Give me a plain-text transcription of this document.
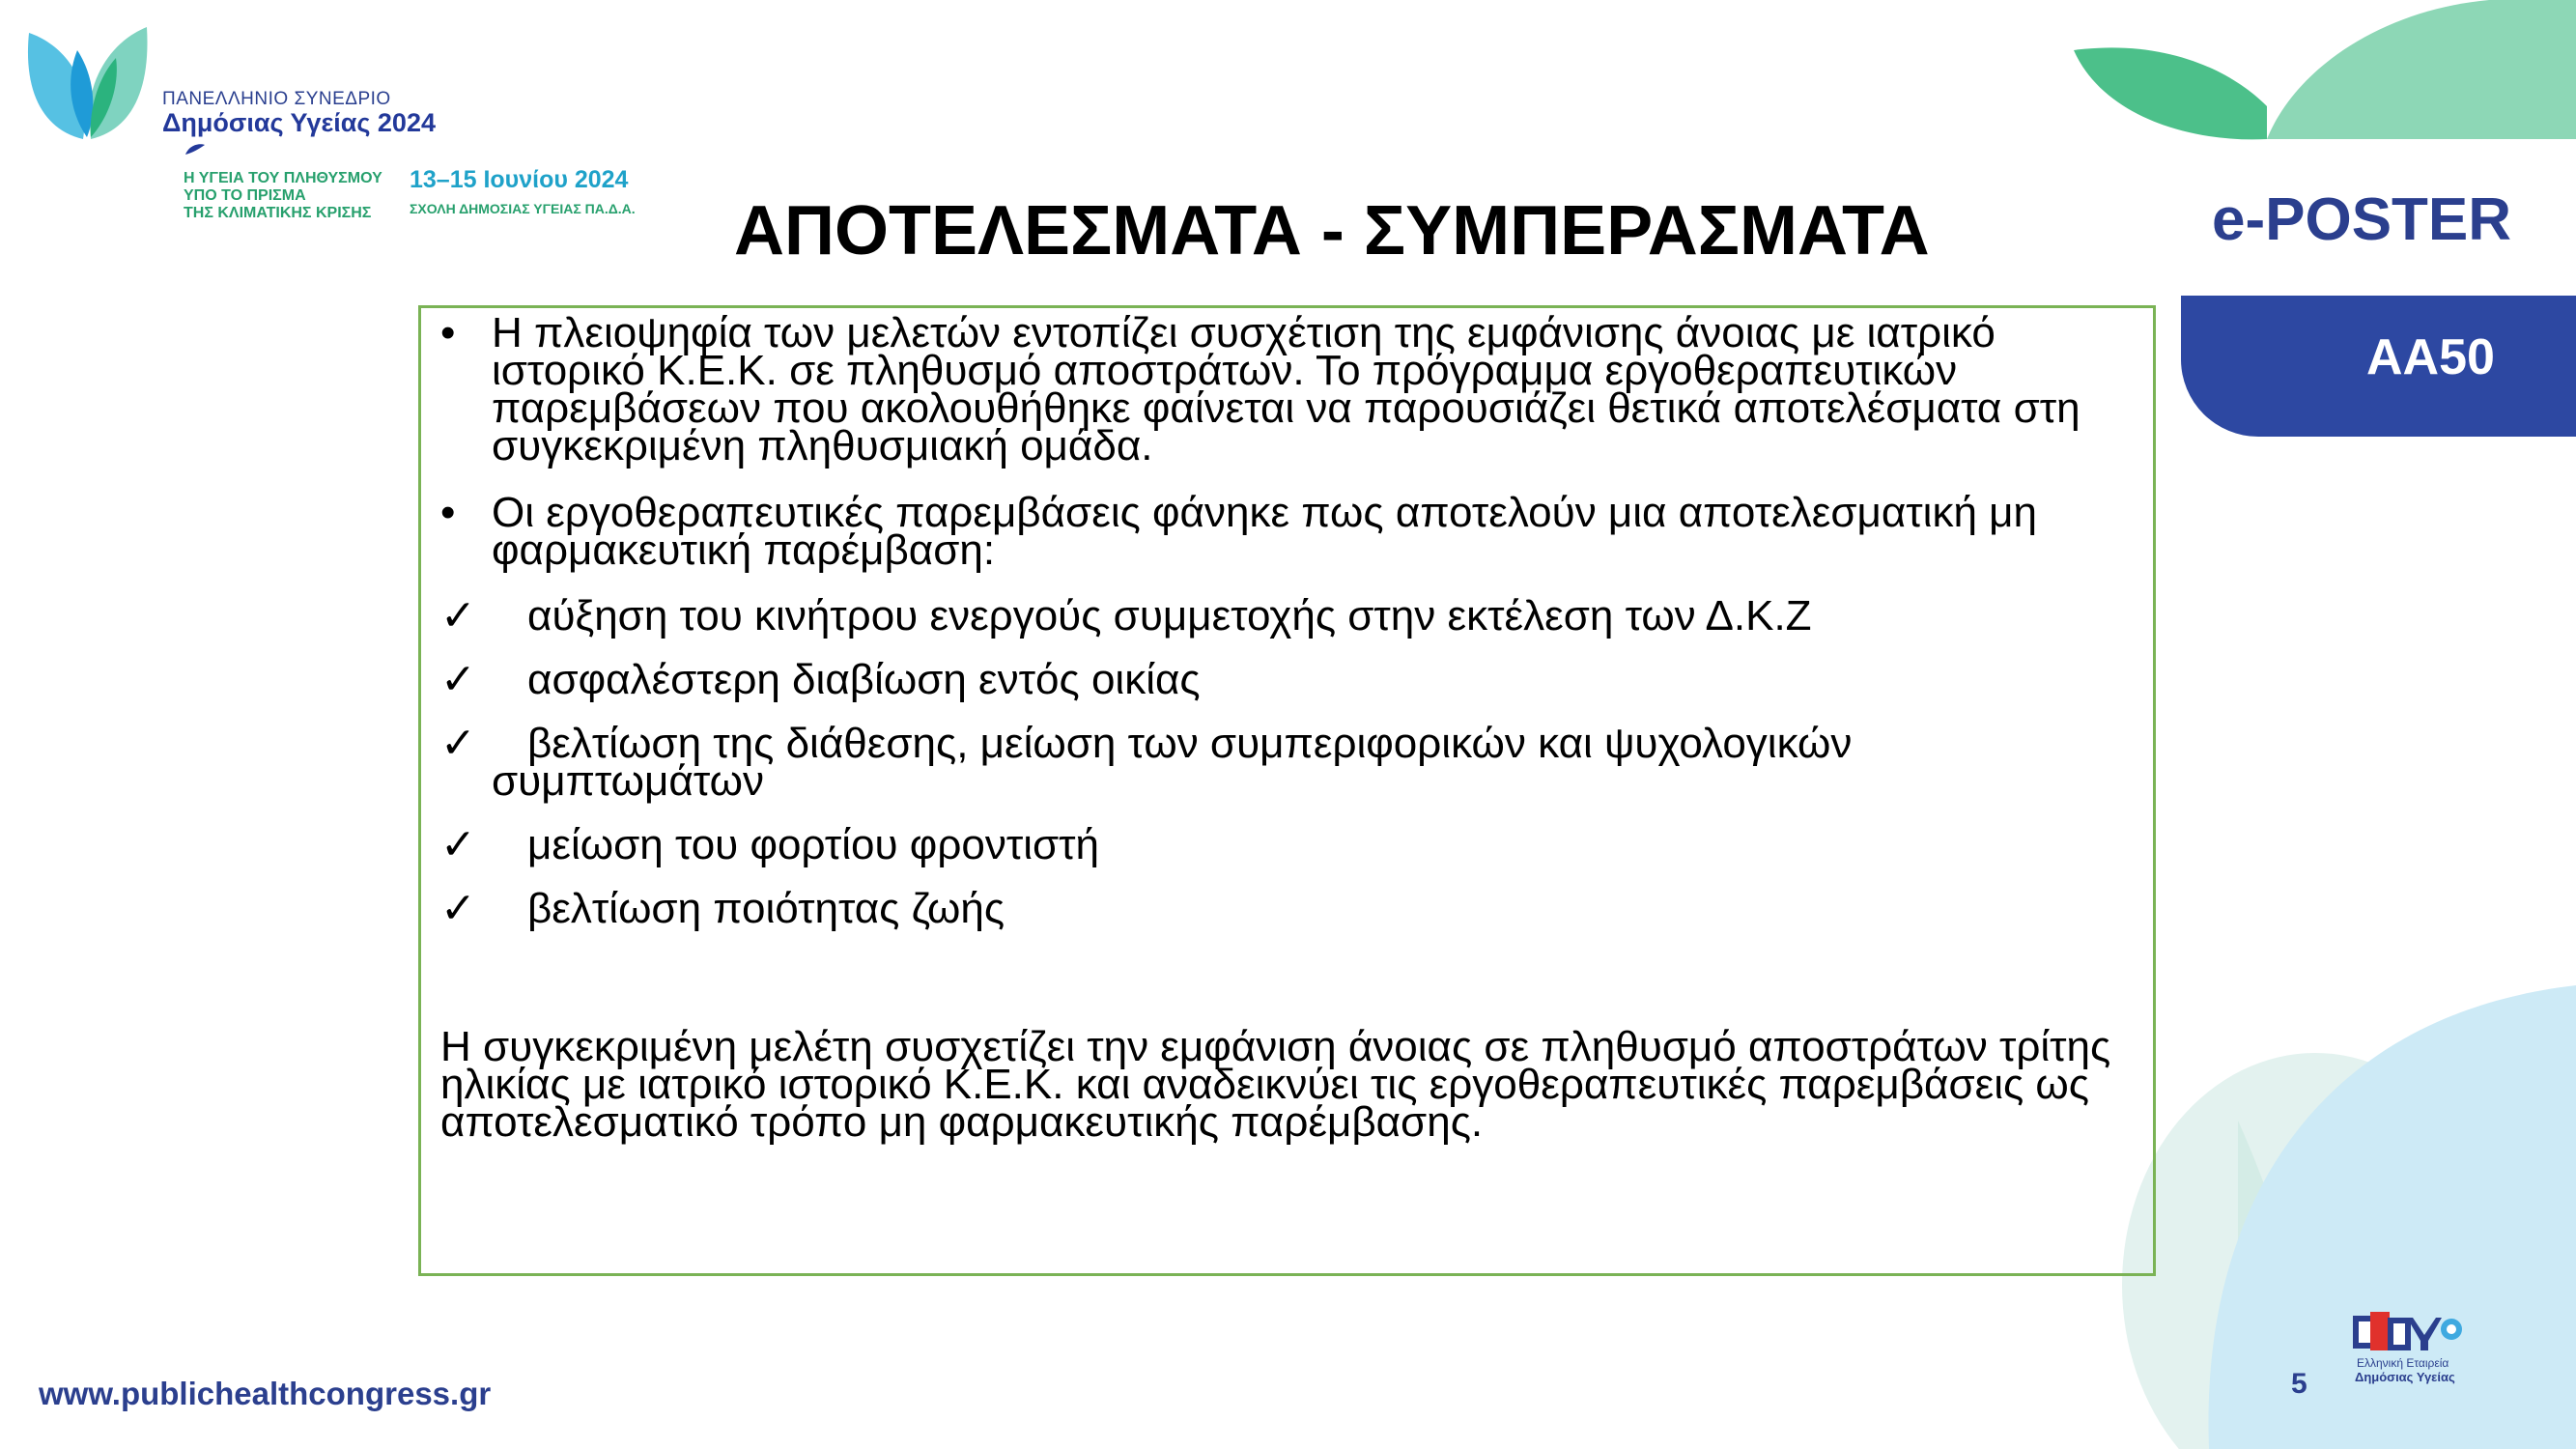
ΠΑΝΕΛΛΗΝΙΟ ΣΥΝΕΔΡΙΟ
Δημόσιας Υγείας 2024
Η ΥΓΕΙΑ ΤΟΥ ΠΛΗΘΥΣΜΟΥ
ΥΠΟ ΤΟ ΠΡΙΣΜΑ
ΤΗΣ ΚΛΙΜΑΤΙΚΗΣ ΚΡΙΣΗΣ
13–15 Ιουνίου 2024
ΣΧΟΛΗ ΔΗΜΟΣΙΑΣ ΥΓΕΙΑΣ ΠΑ.Δ.Α. ΑΠΟΤΕΛΕΣΜΑΤΑ - ΣΥΜΠΕΡΑΣΜΑΤΑ	e-POSTER
ΑΑ50
• Η πλειοψηφία των μελετών εντοπίζει συσχέτιση της εμφάνισης άνοιας με ιατρικό ιστορικό Κ.Ε.Κ. σε πληθυσμό αποστράτων. Το πρόγραμμα εργοθεραπευτικών παρεμβάσεων που ακολουθήθηκε φαίνεται να παρουσιάζει θετικά αποτελέσματα στη συγκεκριμένη πληθυσμιακή ομάδα.
• Οι εργοθεραπευτικές παρεμβάσεις φάνηκε πως αποτελούν μια αποτελεσματική μη φαρμακευτική παρέμβαση:
✓ αύξηση του κινήτρου ενεργούς συμμετοχής στην εκτέλεση των Δ.Κ.Ζ
✓ ασφαλέστερη διαβίωση εντός οικίας
✓ βελτίωση της διάθεσης, μείωση των συμπεριφορικών και ψυχολογικών συμπτωμάτων
✓ μείωση του φορτίου φροντιστή
✓ βελτίωση ποιότητας ζωής
Η συγκεκριμένη μελέτη συσχετίζει την εμφάνιση άνοιας σε πληθυσμό αποστράτων τρίτης ηλικίας με ιατρικό ιστορικό Κ.Ε.Κ. και αναδεικνύει τις εργοθεραπευτικές παρεμβάσεις ως αποτελεσματικό τρόπο μη φαρμακευτικής παρέμβασης.
Ελληνική Εταιρεία
Δημόσιας Υγείας
www.publichealthcongress.gr	5
